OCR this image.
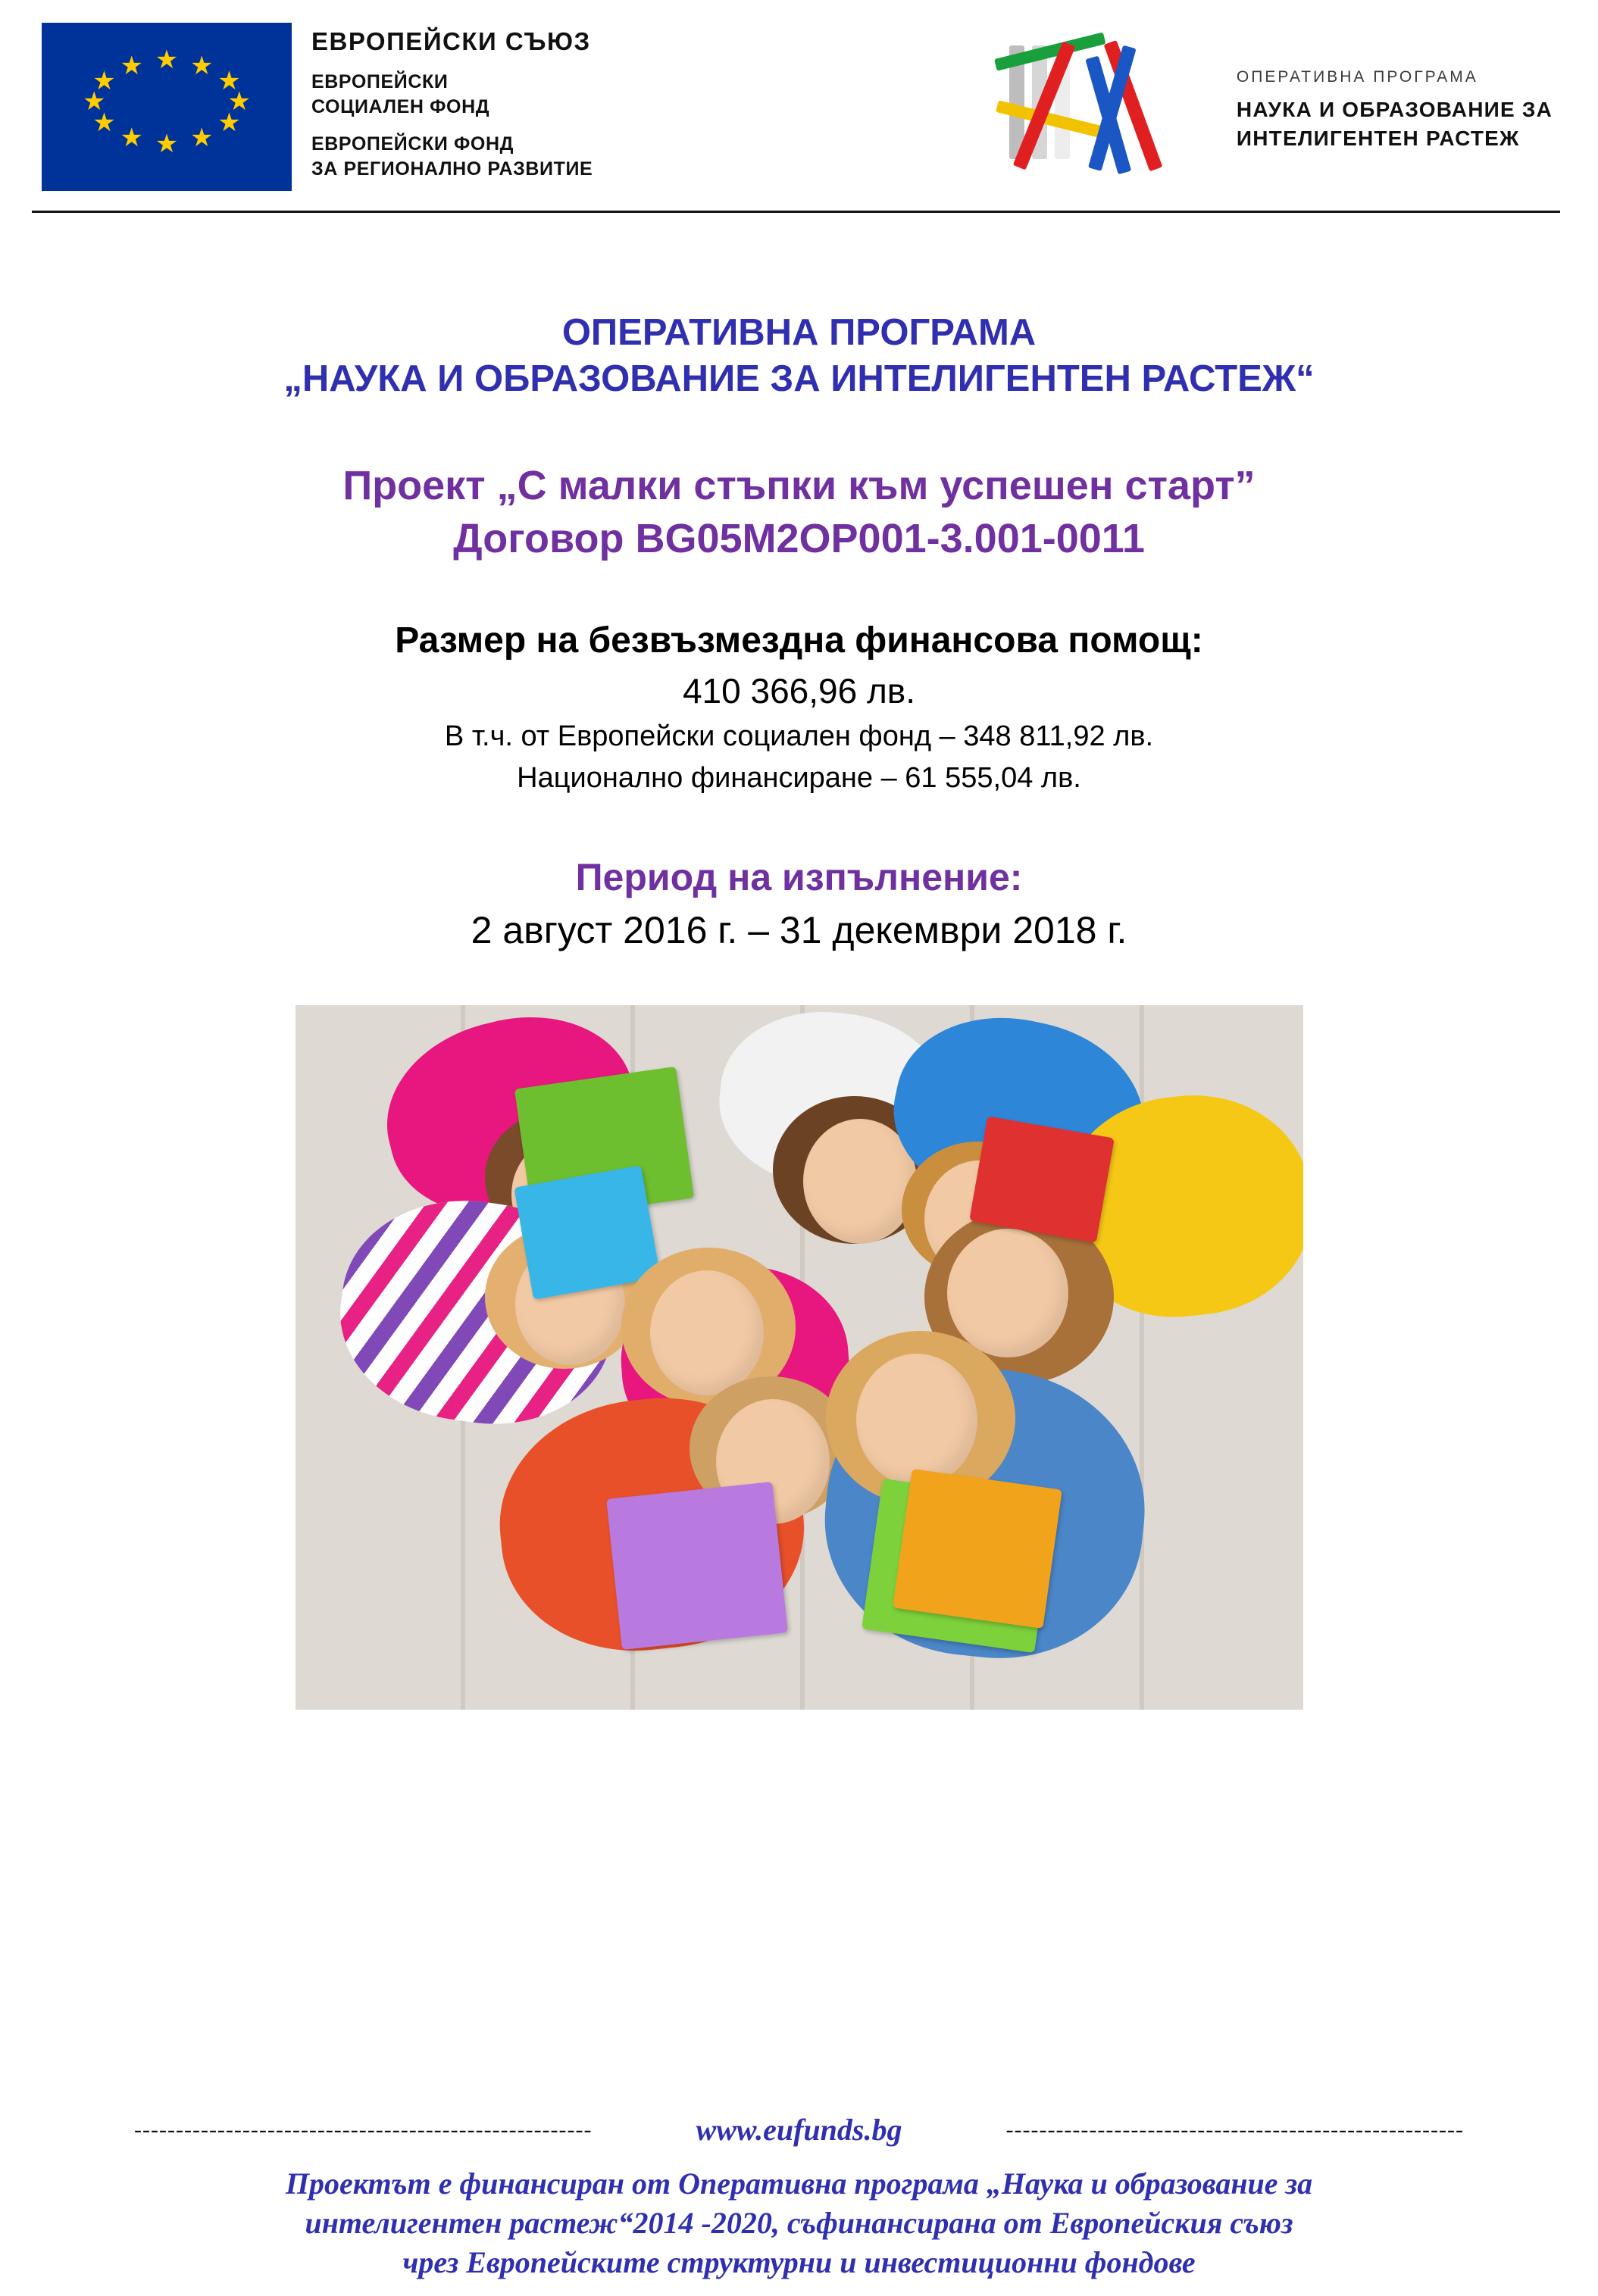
★ ★
★
★
★
★
★
★
★
★
★
★
ЕВРОПЕЙСКИ СЪЮЗ
ЕВРОПЕЙСКИ
СОЦИАЛЕН ФОНД
ЕВРОПЕЙСКИ ФОНД
ЗА РЕГИОНАЛНО РАЗВИТИЕ
ОПЕРАТИВНА ПРОГРАМА
НАУКА И ОБРАЗОВАНИЕ ЗА
ИНТЕЛИГЕНТЕН РАСТЕЖ
ОПЕРАТИВНА ПРОГРАМА
„НАУКА И ОБРАЗОВАНИЕ ЗА ИНТЕЛИГЕНТЕН РАСТЕЖ“
Проект „С малки стъпки към успешен старт”
Договор BG05M2OP001-3.001-0011
Размер на безвъзмездна финансова помощ:
410 366,96 лв.
В т.ч. от Европейски социален фонд – 348 811,92 лв.
Национално финансиране – 61 555,04 лв.
Период на изпълнение:
2 август 2016 г. – 31 декември 2018 г.
-------------------------------------------------------	www.eufunds.bg	-------------------------------------------------------
Проектът е финансиран от Оперативна програма „Наука и образование за
интелигентен растеж“2014 -2020, съфинансирана от Европейския съюз
чрез Европейските структурни и инвестиционни фондове
